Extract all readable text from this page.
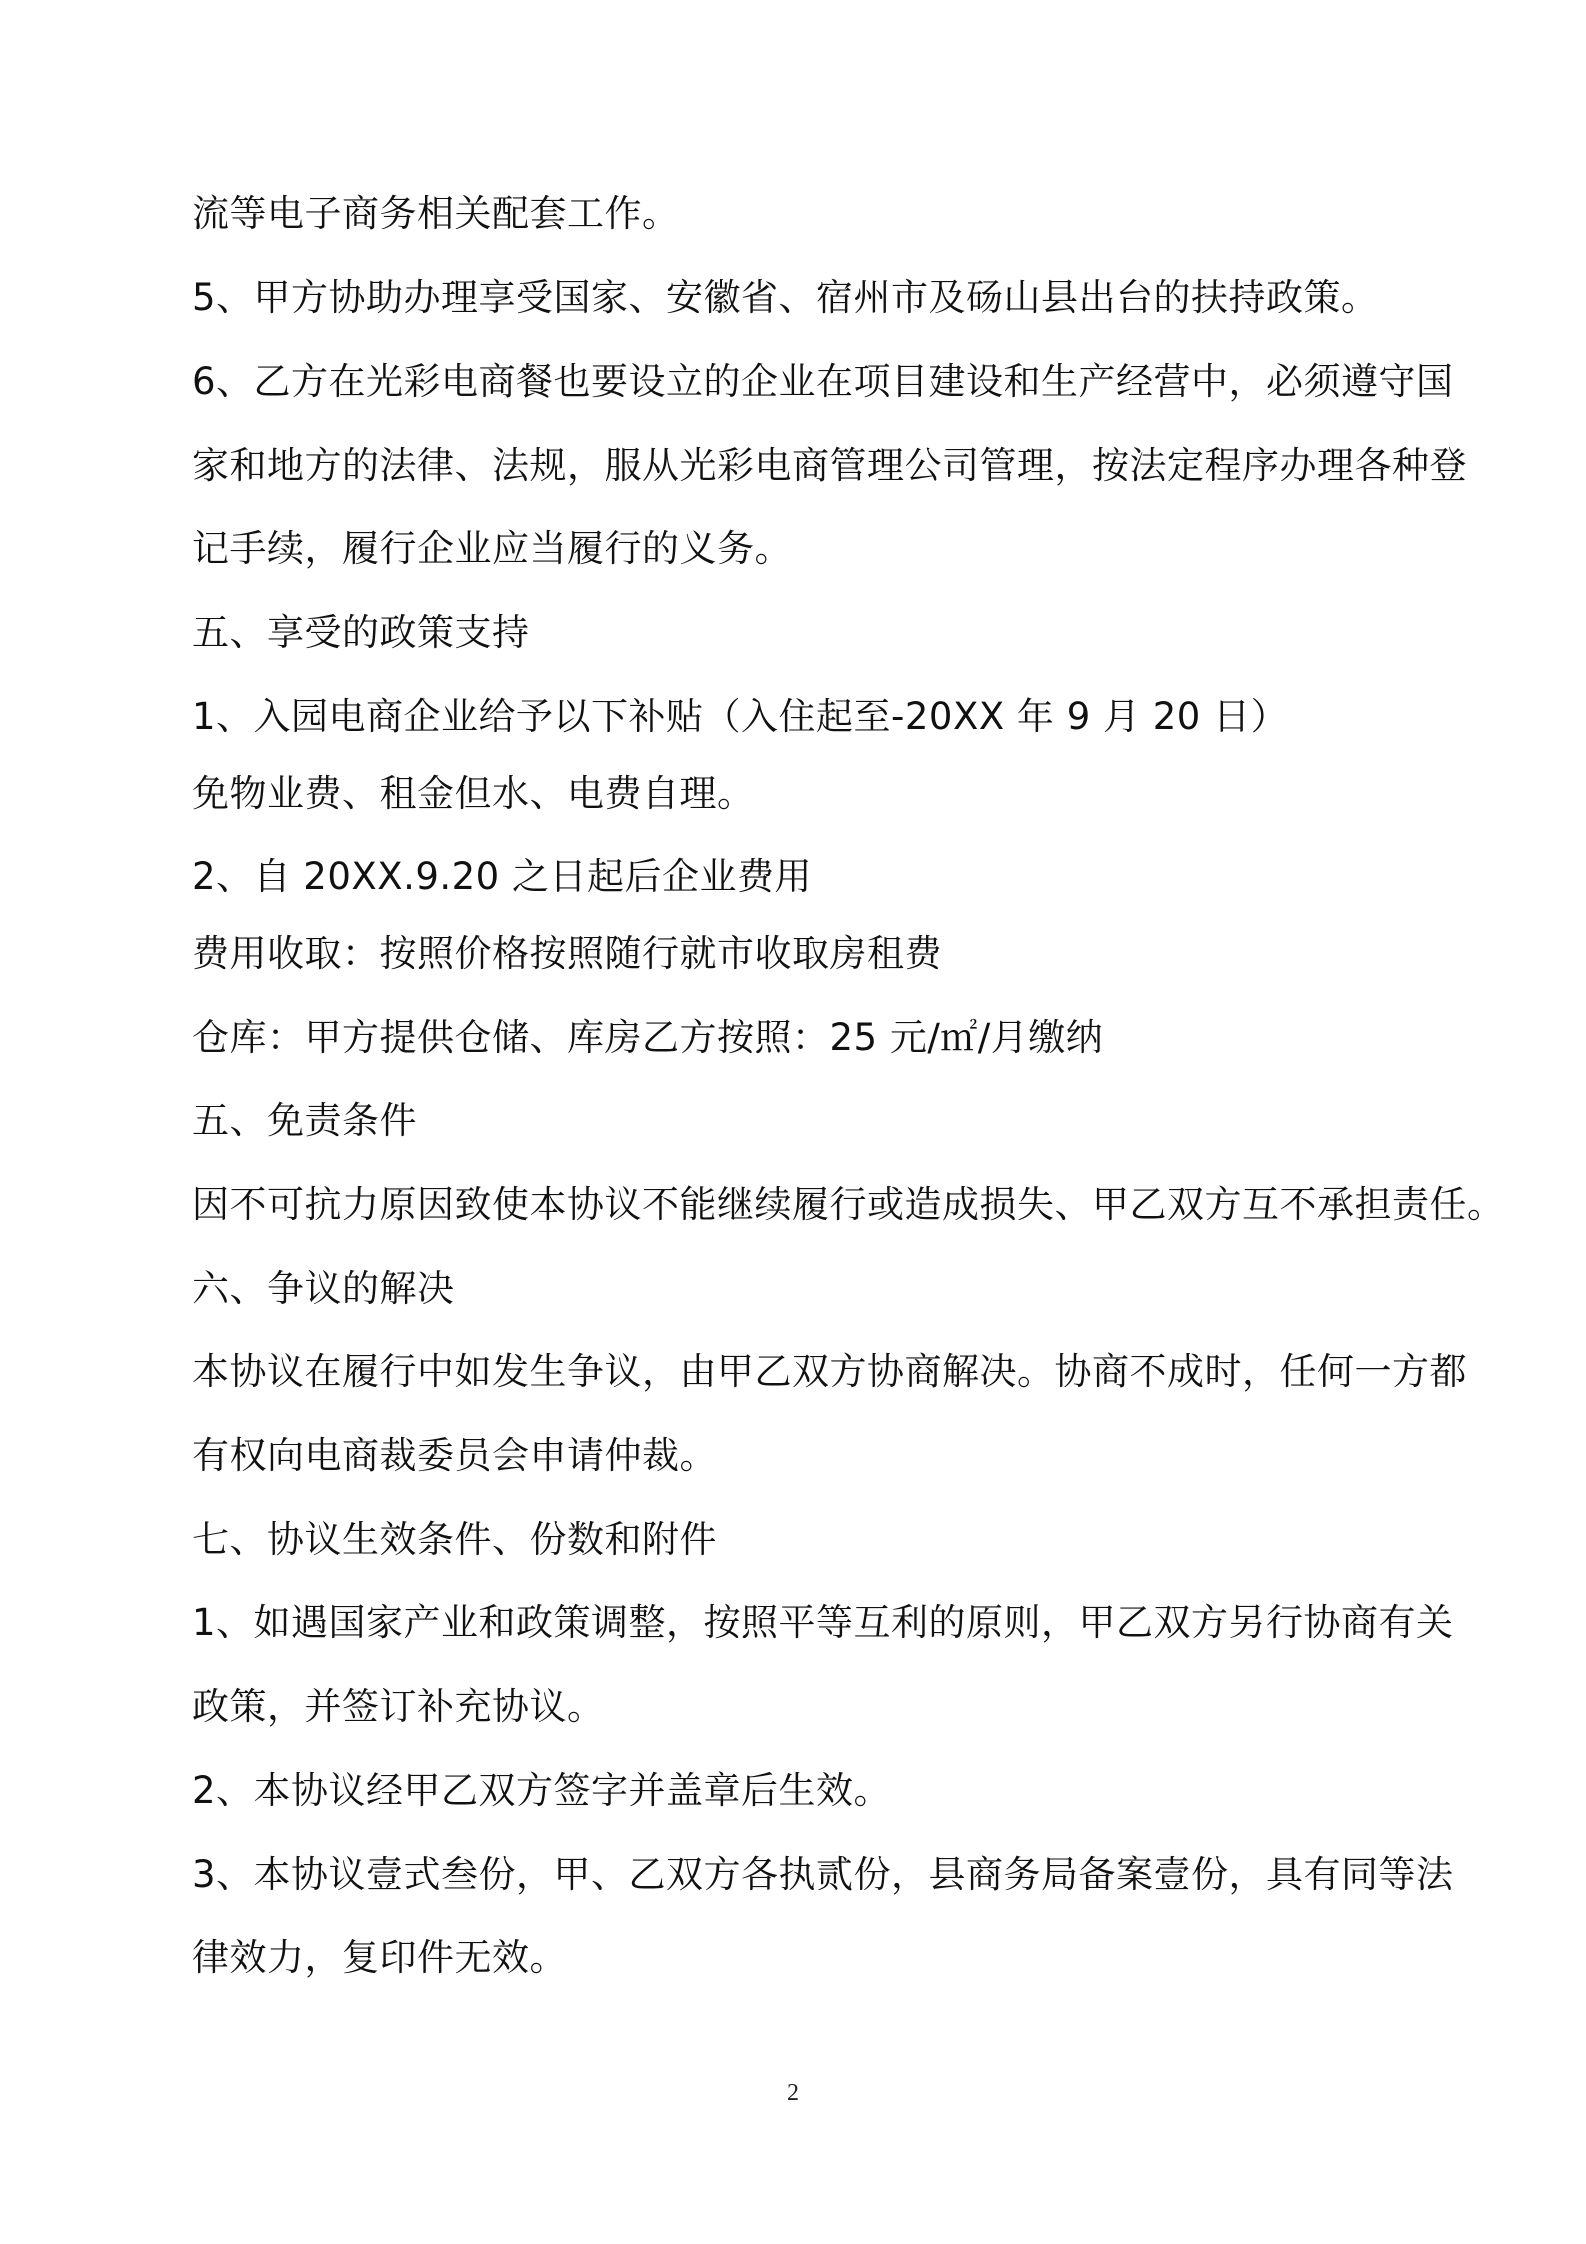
流等电子商务相关配套工作。
5、甲方协助办理享受国家、安徽省、宿州市及砀山县出台的扶持政策。
6、乙方在光彩电商餐也要设立的企业在项目建设和生产经营中，必须遵守国
家和地方的法律、法规，服从光彩电商管理公司管理，按法定程序办理各种登
记手续，履行企业应当履行的义务。
五、享受的政策支持
1、入园电商企业给予以下补贴（入住起至-20XX 年 9 月 20 日）
免物业费、租金但水、电费自理。
2、自 20XX.9.20 之日起后企业费用
费用收取：按照价格按照随行就市收取房租费
仓库：甲方提供仓储、库房乙方按照：25 元/㎡/月缴纳
五、免责条件
因不可抗力原因致使本协议不能继续履行或造成损失、甲乙双方互不承担责任。
六、争议的解决
本协议在履行中如发生争议，由甲乙双方协商解决。协商不成时，任何一方都
有权向电商裁委员会申请仲裁。
七、协议生效条件、份数和附件
1、如遇国家产业和政策调整，按照平等互利的原则，甲乙双方另行协商有关
政策，并签订补充协议。
2、本协议经甲乙双方签字并盖章后生效。
3、本协议壹式叁份，甲、乙双方各执贰份，县商务局备案壹份，具有同等法
律效力，复印件无效。
2
